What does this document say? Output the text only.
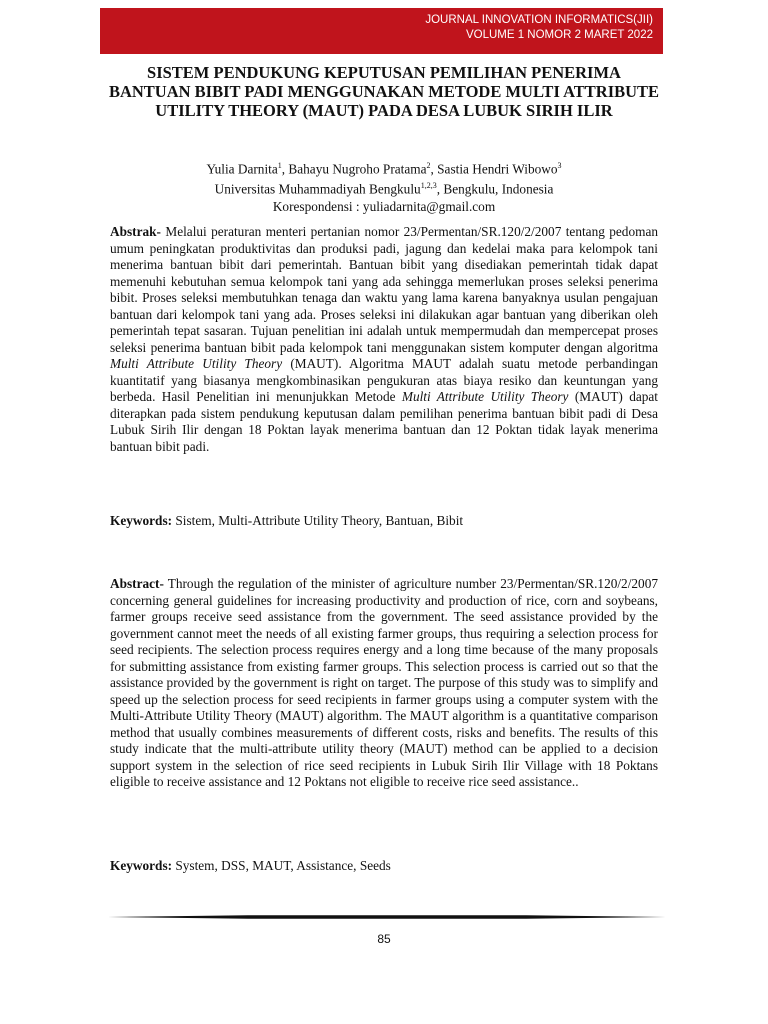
JOURNAL INNOVATION INFORMATICS(JII)
VOLUME 1 NOMOR 2 MARET 2022
SISTEM PENDUKUNG KEPUTUSAN PEMILIHAN PENERIMA BANTUAN BIBIT PADI MENGGUNAKAN METODE MULTI ATTRIBUTE UTILITY THEORY (MAUT) PADA DESA LUBUK SIRIH ILIR
Yulia Darnita$^1$, Bahayu Nugroho Pratama$^2$, Sastia Hendri Wibowo$^3$
Universitas Muhammadiyah Bengkulu$^{1,2,3}$, Bengkulu, Indonesia
Korespondensi : yuliadarnita@gmail.com

Abstrak- Melalui peraturan menteri pertanian nomor 23/Permentan/SR.120/2/2007 tentang pedoman umum peningkatan produktivitas dan produksi padi, jagung dan kedelai maka para kelompok tani menerima bantuan bibit dari pemerintah. Bantuan bibit yang disediakan pemerintah tidak dapat memenuhi kebutuhan semua kelompok tani yang ada sehingga memerlukan proses seleksi penerima bibit. Proses seleksi membutuhkan tenaga dan waktu yang lama karena banyaknya usulan pengajuan bantuan dari kelompok tani yang ada. Proses seleksi ini dilakukan agar bantuan yang diberikan oleh pemerintah tepat sasaran. Tujuan penelitian ini adalah untuk mempermudah dan mempercepat proses seleksi penerima bantuan bibit pada kelompok tani menggunakan sistem komputer dengan algoritma Multi Attribute Utility Theory (MAUT). Algoritma MAUT adalah suatu metode perbandingan kuantitatif yang biasanya mengkombinasikan pengukuran atas biaya resiko dan keuntungan yang berbeda. Hasil Penelitian ini menunjukkan Metode Multi Attribute Utility Theory (MAUT) dapat diterapkan pada sistem pendukung keputusan dalam pemilihan penerima bantuan bibit padi di Desa Lubuk Sirih Ilir dengan 18 Poktan layak menerima bantuan dan 12 Poktan tidak layak menerima bantuan bibit padi.

Keywords: Sistem, Multi-Attribute Utility Theory, Bantuan, Bibit

Abstract- Through the regulation of the minister of agriculture number 23/Permentan/SR.120/2/2007 concerning general guidelines for increasing productivity and production of rice, corn and soybeans, farmer groups receive seed assistance from the government. The seed assistance provided by the government cannot meet the needs of all existing farmer groups, thus requiring a selection process for seed recipients. The selection process requires energy and a long time because of the many proposals for submitting assistance from existing farmer groups. This selection process is carried out so that the assistance provided by the government is right on target. The purpose of this study was to simplify and speed up the selection process for seed recipients in farmer groups using a computer system with the Multi-Attribute Utility Theory (MAUT) algorithm. The MAUT algorithm is a quantitative comparison method that usually combines measurements of different costs, risks and benefits. The results of this study indicate that the multi-attribute utility theory (MAUT) method can be applied to a decision support system in the selection of rice seed recipients in Lubuk Sirih Ilir Village with 18 Poktans eligible to receive assistance and 12 Poktans not eligible to receive rice seed assistance..

Keywords: System, DSS, MAUT, Assistance, Seeds

85
